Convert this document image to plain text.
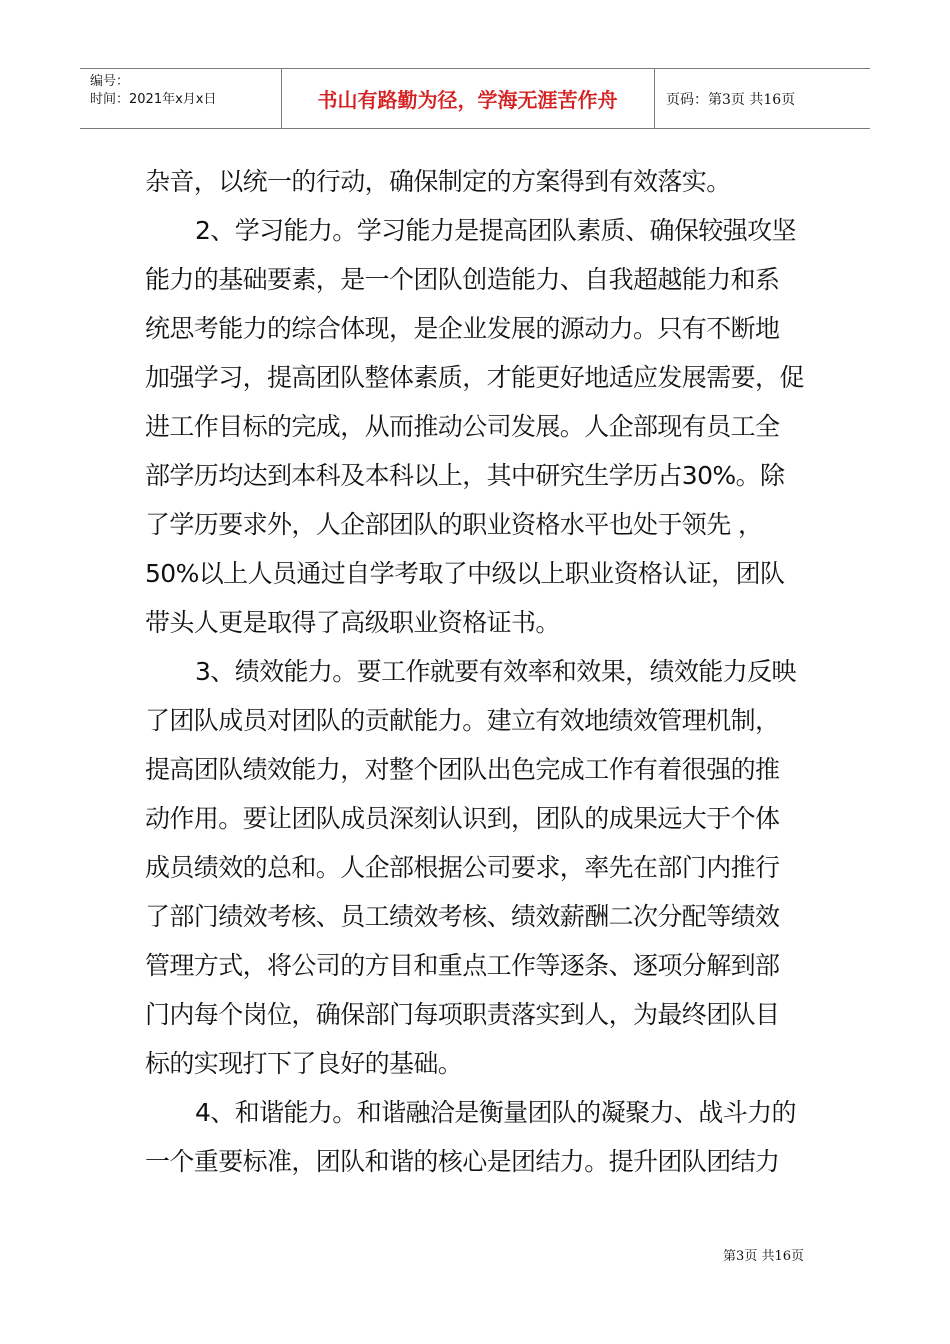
编号：
时间：2021年x月x日	书山有路勤为径，学海无涯苦作舟	页码：第3页 共16页
杂音，以统一的行动，确保制定的方案得到有效落实。
2、学习能力。学习能力是提高团队素质、确保较强攻坚
能力的基础要素，是一个团队创造能力、自我超越能力和系
统思考能力的综合体现，是企业发展的源动力。只有不断地
加强学习，提高团队整体素质，才能更好地适应发展需要，促
进工作目标的完成，从而推动公司发展。人企部现有员工全
部学历均达到本科及本科以上，其中研究生学历占30%。除
了学历要求外，人企部团队的职业资格水平也处于领先 ，
50%以上人员通过自学考取了中级以上职业资格认证，团队
带头人更是取得了高级职业资格证书。
3、绩效能力。要工作就要有效率和效果，绩效能力反映
了团队成员对团队的贡献能力。建立有效地绩效管理机制，
提高团队绩效能力，对整个团队出色完成工作有着很强的推
动作用。要让团队成员深刻认识到，团队的成果远大于个体
成员绩效的总和。人企部根据公司要求，率先在部门内推行
了部门绩效考核、员工绩效考核、绩效薪酬二次分配等绩效
管理方式，将公司的方目和重点工作等逐条、逐项分解到部
门内每个岗位，确保部门每项职责落实到人，为最终团队目
标的实现打下了良好的基础。
4、和谐能力。和谐融洽是衡量团队的凝聚力、战斗力的
一个重要标准，团队和谐的核心是团结力。提升团队团结力
第3页 共16页
